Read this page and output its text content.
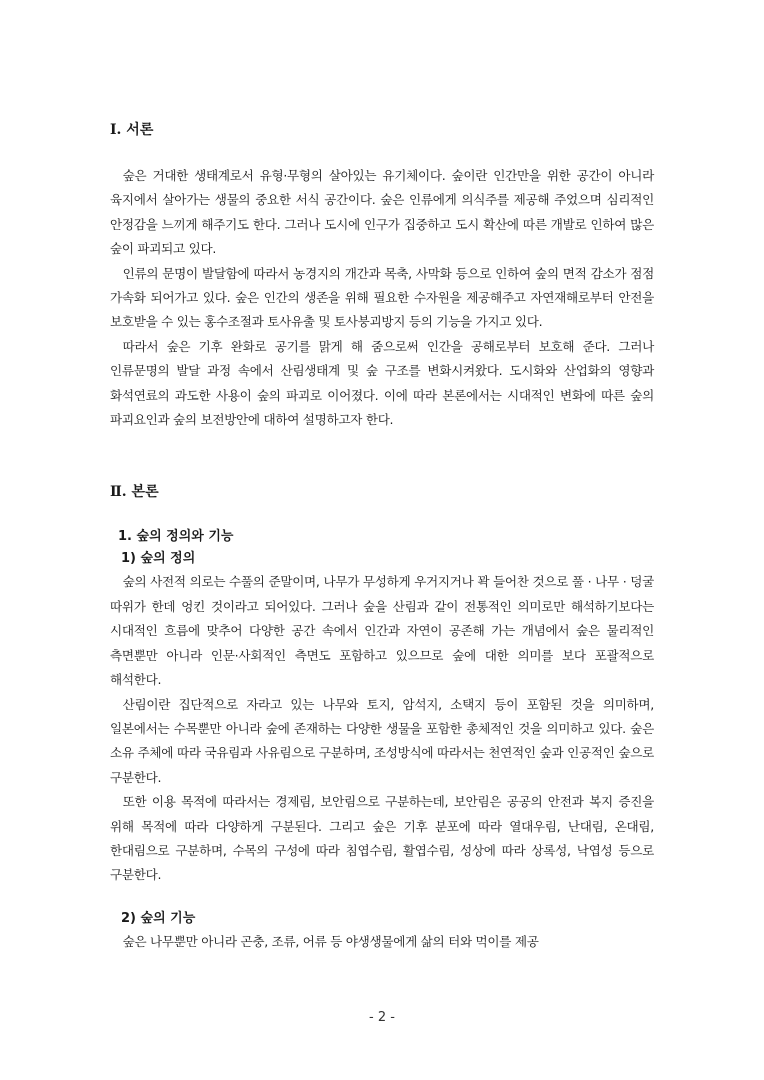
Ⅰ. 서론

숲은 거대한 생태계로서 유형·무형의 살아있는 유기체이다. 숲이란 인간만을 위한 공간이 아니라 육지에서 살아가는 생물의 중요한 서식 공간이다. 숲은 인류에게 의식주를 제공해 주었으며 심리적인 안정감을 느끼게 해주기도 한다. 그러나 도시에 인구가 집중하고 도시 확산에 따른 개발로 인하여 많은 숲이 파괴되고 있다.

인류의 문명이 발달함에 따라서 농경지의 개간과 목축, 사막화 등으로 인하여 숲의 면적 감소가 점점 가속화 되어가고 있다. 숲은 인간의 생존을 위해 필요한 수자원을 제공해주고 자연재해로부터 안전을 보호받을 수 있는 홍수조절과 토사유출 및 토사붕괴방지 등의 기능을 가지고 있다.

따라서 숲은 기후 완화로 공기를 맑게 해 줌으로써 인간을 공해로부터 보호해 준다. 그러나 인류문명의 발달 과정 속에서 산림생태계 및 숲 구조를 변화시켜왔다. 도시화와 산업화의 영향과 화석연료의 과도한 사용이 숲의 파괴로 이어졌다. 이에 따라 본론에서는 시대적인 변화에 따른 숲의 파괴요인과 숲의 보전방안에 대하여 설명하고자 한다.

Ⅱ. 본론
1. 숲의 정의와 기능
1) 숲의 정의

숲의 사전적 의로는 수풀의 준말이며, 나무가 무성하게 우거지거나 꽉 들어찬 것으로 풀 · 나무 · 덩굴 따위가 한데 엉킨 것이라고 되어있다. 그러나 숲을 산림과 같이 전통적인 의미로만 해석하기보다는 시대적인 흐름에 맞추어 다양한 공간 속에서 인간과 자연이 공존해 가는 개념에서 숲은 물리적인 측면뿐만 아니라 인문·사회적인 측면도 포함하고 있으므로 숲에 대한 의미를 보다 포괄적으로 해석한다.

산림이란 집단적으로 자라고 있는 나무와 토지, 암석지, 소택지 등이 포함된 것을 의미하며, 일본에서는 수목뿐만 아니라 숲에 존재하는 다양한 생물을 포함한 총체적인 것을 의미하고 있다. 숲은 소유 주체에 따라 국유림과 사유림으로 구분하며, 조성방식에 따라서는 천연적인 숲과 인공적인 숲으로 구분한다.

또한 이용 목적에 따라서는 경제림, 보안림으로 구분하는데, 보안림은 공공의 안전과 복지 증진을 위해 목적에 따라 다양하게 구분된다. 그리고 숲은 기후 분포에 따라 열대우림, 난대림, 온대림, 한대림으로 구분하며, 수목의 구성에 따라 침엽수림, 활엽수림, 성상에 따라 상록성, 낙엽성 등으로 구분한다.

2) 숲의 기능

숲은 나무뿐만 아니라 곤충, 조류, 어류 등 야생생물에게 삶의 터와 먹이를 제공

- 2 -
